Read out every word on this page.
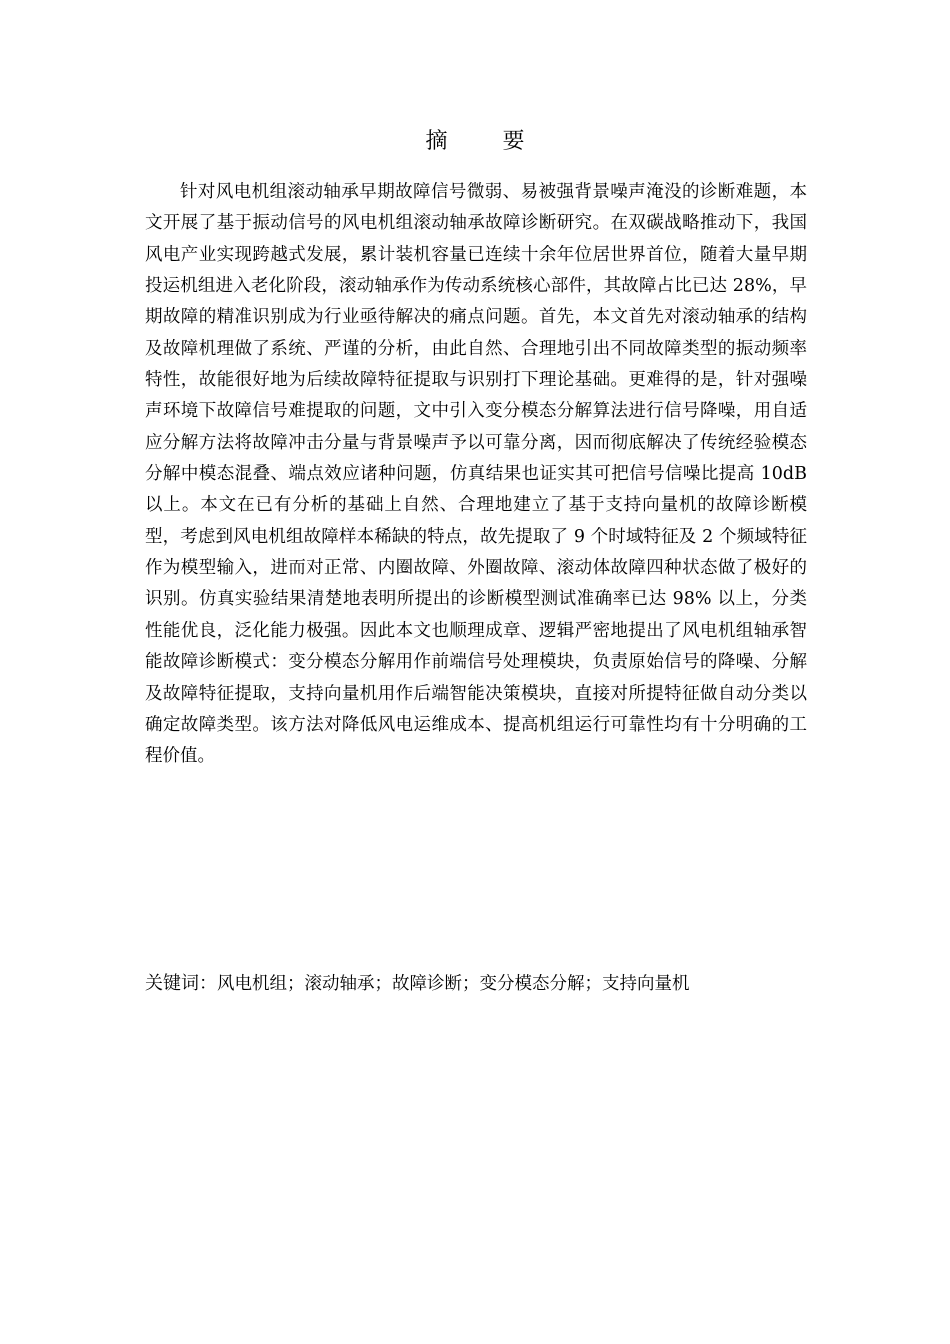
摘 要

针对风电机组滚动轴承早期故障信号微弱、易被强背景噪声淹没的诊断难题，本文开展了基于振动信号的风电机组滚动轴承故障诊断研究。在双碳战略推动下，我国风电产业实现跨越式发展，累计装机容量已连续十余年位居世界首位，随着大量早期投运机组进入老化阶段，滚动轴承作为传动系统核心部件，其故障占比已达 28%，早期故障的精准识别成为行业亟待解决的痛点问题。首先，本文首先对滚动轴承的结构及故障机理做了系统、严谨的分析，由此自然、合理地引出不同故障类型的振动频率特性，故能很好地为后续故障特征提取与识别打下理论基础。更难得的是，针对强噪声环境下故障信号难提取的问题，文中引入变分模态分解算法进行信号降噪，用自适应分解方法将故障冲击分量与背景噪声予以可靠分离，因而彻底解决了传统经验模态分解中模态混叠、端点效应诸种问题，仿真结果也证实其可把信号信噪比提高 10dB 以上。本文在已有分析的基础上自然、合理地建立了基于支持向量机的故障诊断模型，考虑到风电机组故障样本稀缺的特点，故先提取了 9 个时域特征及 2 个频域特征作为模型输入，进而对正常、内圈故障、外圈故障、滚动体故障四种状态做了极好的识别。仿真实验结果清楚地表明所提出的诊断模型测试准确率已达 98% 以上，分类性能优良，泛化能力极强。因此本文也顺理成章、逻辑严密地提出了风电机组轴承智能故障诊断模式：变分模态分解用作前端信号处理模块，负责原始信号的降噪、分解及故障特征提取，支持向量机用作后端智能决策模块，直接对所提特征做自动分类以确定故障类型。该方法对降低风电运维成本、提高机组运行可靠性均有十分明确的工程价值。

关键词：风电机组；滚动轴承；故障诊断；变分模态分解；支持向量机
